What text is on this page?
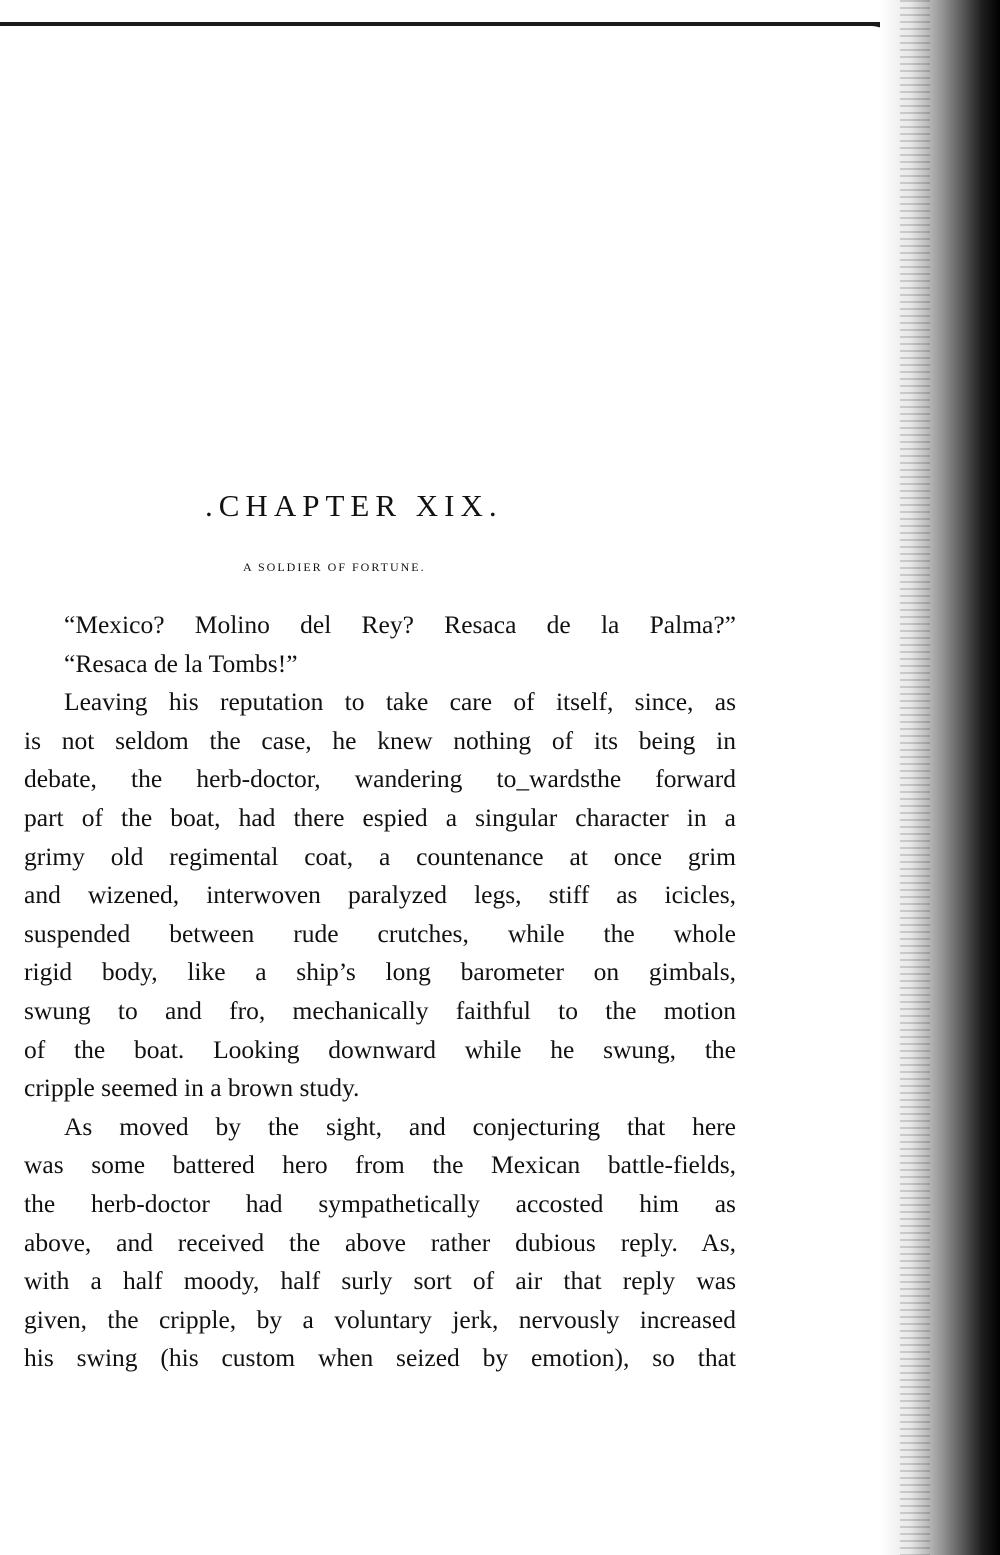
.CHAPTER XIX.
A SOLDIER OF FORTUNE.
“Mexico? Molino del Rey? Resaca de la Palma?”
“Resaca de la Tombs!”
Leaving his reputation to take care of itself, since, as
is not seldom the case, he knew nothing of its being in
debate, the herb-doctor, wandering to_wardsthe forward
part of the boat, had there espied a singular character in a
grimy old regimental coat, a countenance at once grim
and wizened, interwoven paralyzed legs, stiff as icicles,
suspended between rude crutches, while the whole
rigid body, like a ship’s long barometer on gimbals,
swung to and fro, mechanically faithful to the motion
of the boat. Looking downward while he swung, the
cripple seemed in a brown study.
As moved by the sight, and conjecturing that here
was some battered hero from the Mexican battle-fields,
the herb-doctor had sympathetically accosted him as
above, and received the above rather dubious reply. As,
with a half moody, half surly sort of air that reply was
given, the cripple, by a voluntary jerk, nervously increased
his swing (his custom when seized by emotion), so that
